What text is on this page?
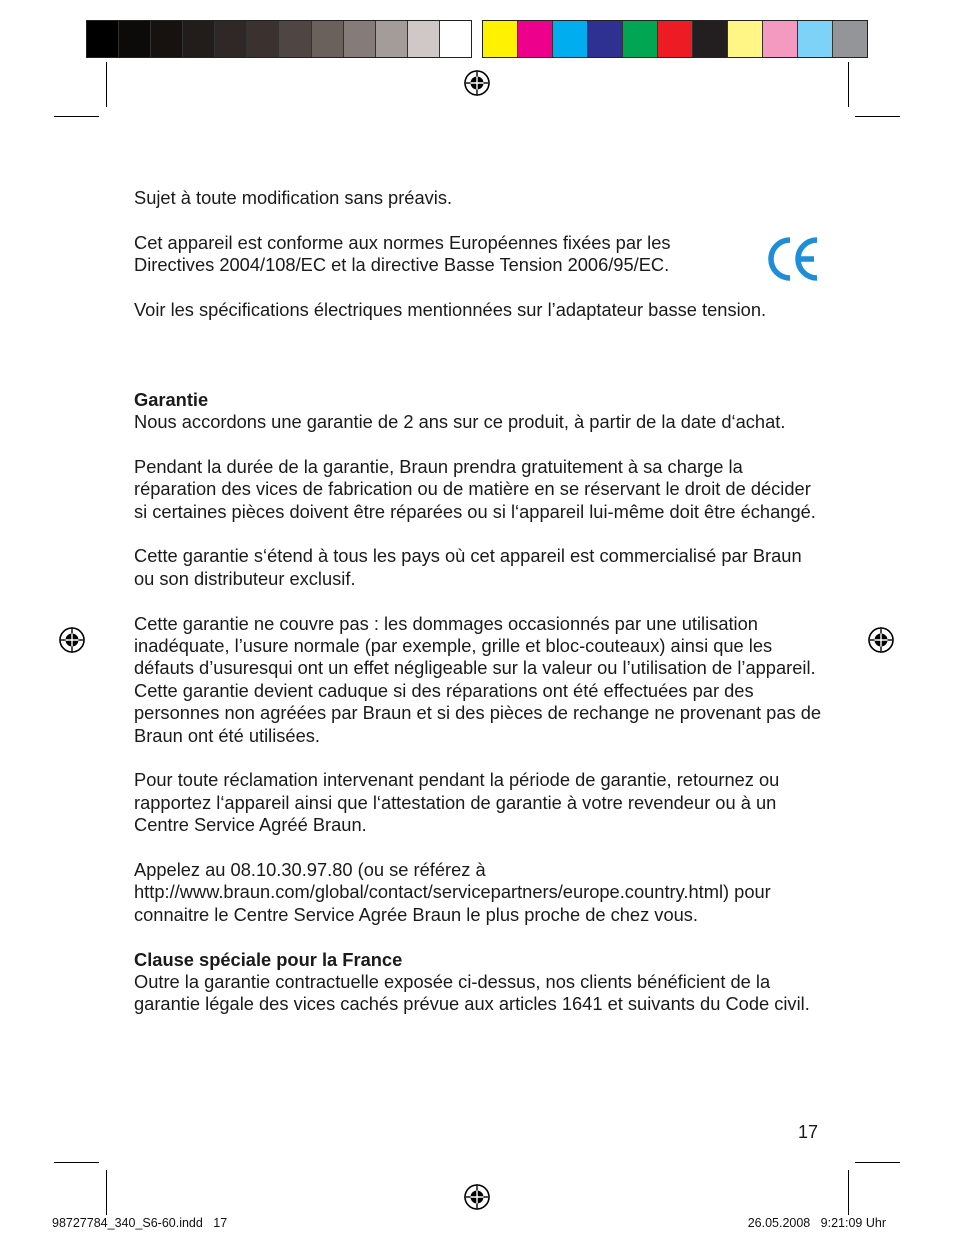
Sujet à toute modification sans préavis.

Cet appareil est conforme aux normes Européennes fixées par les Directives 2004/108/EC et la directive Basse Tension 2006/95/EC.

Voir les spécifications électriques mentionnées sur l’adaptateur basse tension.

Garantie

Nous accordons une garantie de 2 ans sur ce produit, à partir de la date d‘achat.

Pendant la durée de la garantie, Braun prendra gratuitement à sa charge la réparation des vices de fabrication ou de matière en se réservant le droit de décider si certaines pièces doivent être réparées ou si l‘appareil lui-même doit être échangé.

Cette garantie s‘étend à tous les pays où cet appareil est commercialisé par Braun ou son distributeur exclusif.

Cette garantie ne couvre pas : les dommages occasionnés par une utilisation inadéquate, l’usure normale (par exemple, grille et bloc-couteaux) ainsi que les défauts d’usuresqui ont un effet négligeable sur la valeur ou l’utilisation de l’appareil. Cette garantie devient caduque si des réparations ont été effectuées par des personnes non agréées par Braun et si des pièces de rechange ne provenant pas de Braun ont été utilisées.

Pour toute réclamation intervenant pendant la période de garantie, retournez ou rapportez l‘appareil ainsi que l‘attestation de garantie à votre revendeur ou à un Centre Service Agréé Braun.

Appelez au 08.10.30.97.80 (ou se référez à http://www.braun.com/global/contact/servicepartners/europe.country.html) pour connaitre le Centre Service Agrée Braun le plus proche de chez vous.

Clause spéciale pour la France

Outre la garantie contractuelle exposée ci-dessus, nos clients bénéficient de la garantie légale des vices cachés prévue aux articles 1641 et suivants du Code civil.

17
98727784_340_S6-60.indd   17	26.05.2008   9:21:09 Uhr
